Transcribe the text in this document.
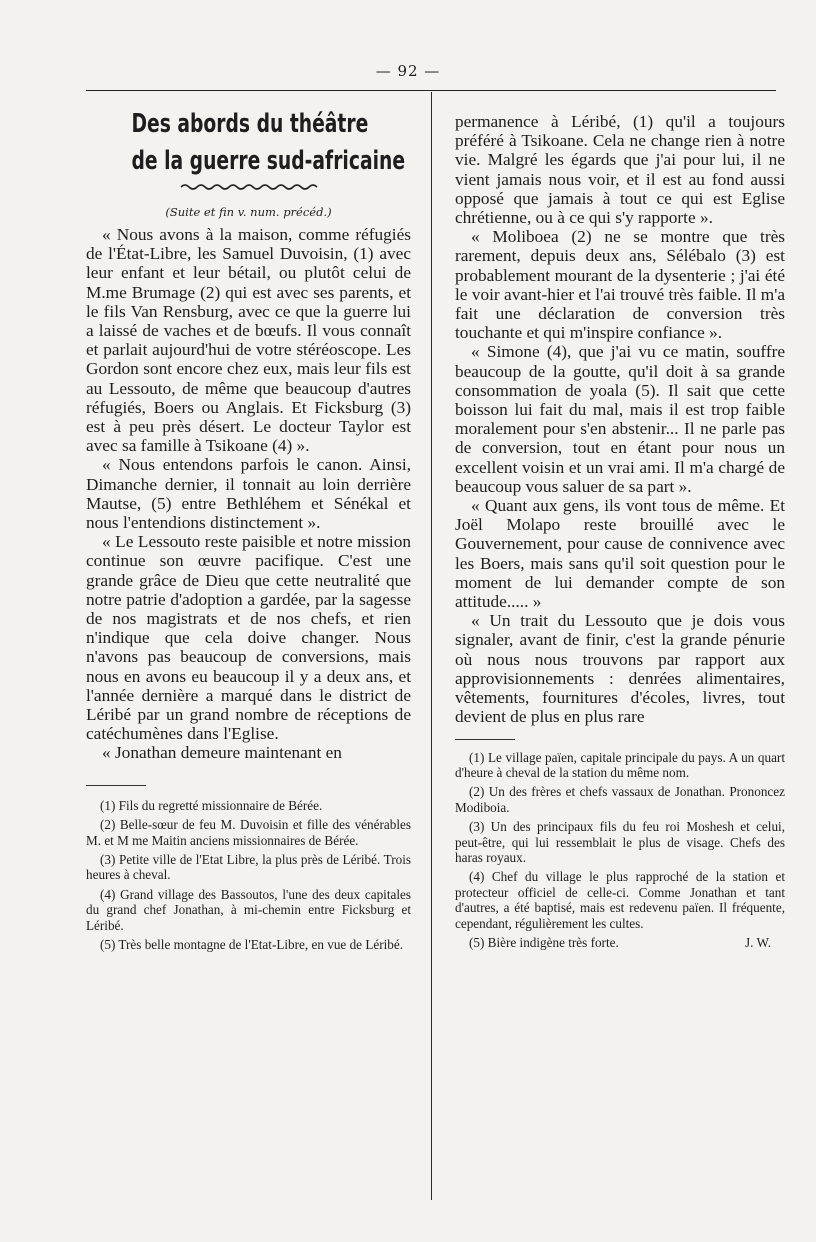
— 92 —
Des abords du théâtre
de la guerre sud-africaine

(Suite et fin v. num. précéd.)

« Nous avons à la maison, comme réfugiés de l'État-Libre, les Samuel Duvoisin, (1) avec leur enfant et leur bétail, ou plutôt celui de M.me Brumage (2) qui est avec ses parents, et le fils Van Rensburg, avec ce que la guerre lui a laissé de vaches et de bœufs. Il vous connaît et parlait aujourd'hui de votre stéréoscope. Les Gordon sont encore chez eux, mais leur fils est au Lessouto, de même que beaucoup d'autres réfugiés, Boers ou Anglais. Et Ficksburg (3) est à peu près désert. Le docteur Taylor est avec sa famille à Tsikoane (4) ».

« Nous entendons parfois le canon. Ainsi, Dimanche dernier, il tonnait au loin derrière Mautse, (5) entre Bethléhem et Sénékal et nous l'entendions distinctement ».

« Le Lessouto reste paisible et notre mission continue son œuvre pacifique. C'est une grande grâce de Dieu que cette neutralité que notre patrie d'adoption a gardée, par la sagesse de nos magistrats et de nos chefs, et rien n'indique que cela doive changer. Nous n'avons pas beaucoup de conversions, mais nous en avons eu beaucoup il y a deux ans, et l'année dernière a marqué dans le district de Léribé par un grand nombre de réceptions de catéchumènes dans l'Eglise.

« Jonathan demeure maintenant en

(1) Fils du regretté missionnaire de Bérée.

(2) Belle-sœur de feu M. Duvoisin et fille des vénérables M. et M me Maitin anciens missionnaires de Bérée.

(3) Petite ville de l'Etat Libre, la plus près de Léribé. Trois heures à cheval.

(4) Grand village des Bassoutos, l'une des deux capitales du grand chef Jonathan, à mi-chemin entre Ficksburg et Léribé.

(5) Très belle montagne de l'Etat-Libre, en vue de Léribé.

permanence à Léribé, (1) qu'il a toujours préféré à Tsikoane. Cela ne change rien à notre vie. Malgré les égards que j'ai pour lui, il ne vient jamais nous voir, et il est au fond aussi opposé que jamais à tout ce qui est Eglise chrétienne, ou à ce qui s'y rapporte ».

« Moliboea (2) ne se montre que très rarement, depuis deux ans, Sélébalo (3) est probablement mourant de la dysenterie ; j'ai été le voir avant-hier et l'ai trouvé très faible. Il m'a fait une déclaration de conversion très touchante et qui m'inspire confiance ».

« Simone (4), que j'ai vu ce matin, souffre beaucoup de la goutte, qu'il doit à sa grande consommation de yoala (5). Il sait que cette boisson lui fait du mal, mais il est trop faible moralement pour s'en abstenir... Il ne parle pas de conversion, tout en étant pour nous un excellent voisin et un vrai ami. Il m'a chargé de beaucoup vous saluer de sa part ».

« Quant aux gens, ils vont tous de même. Et Joël Molapo reste brouillé avec le Gouvernement, pour cause de connivence avec les Boers, mais sans qu'il soit question pour le moment de lui demander compte de son attitude..... »

« Un trait du Lessouto que je dois vous signaler, avant de finir, c'est la grande pénurie où nous nous trouvons par rapport aux approvisionnements : denrées alimentaires, vêtements, fournitures d'écoles, livres, tout devient de plus en plus rare

(1) Le village païen, capitale principale du pays. A un quart d'heure à cheval de la station du même nom.

(2) Un des frères et chefs vassaux de Jonathan. Prononcez Modiboia.

(3) Un des principaux fils du feu roi Moshesh et celui, peut-être, qui lui ressemblait le plus de visage. Chefs des haras royaux.

(4) Chef du village le plus rapproché de la station et protecteur officiel de celle-ci. Comme Jonathan et tant d'autres, a été baptisé, mais est redevenu païen. Il fréquente, cependant, régulièrement les cultes.

(5) Bière indigène très forte.	J. W.
